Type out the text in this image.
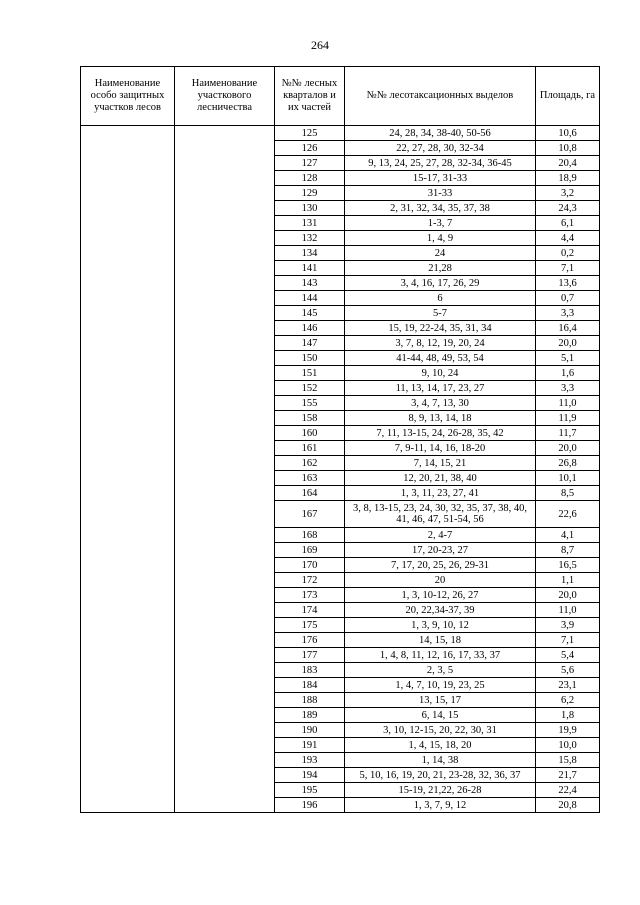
264
Наименование особо защитных участков лесов	Наименование участкового лесничества	№№ лесных кварталов и их частей	№№ лесотаксационных выделов	Площадь, га
		125	24, 28, 34, 38-40, 50-56	10,6
		126	22, 27, 28, 30, 32-34	10,8
		127	9, 13, 24, 25, 27, 28, 32-34, 36-45	20,4
		128	15-17, 31-33	18,9
		129	31-33	3,2
		130	2, 31, 32, 34, 35, 37, 38	24,3
		131	1-3, 7	6,1
		132	1, 4, 9	4,4
		134	24	0,2
		141	21,28	7,1
		143	3, 4, 16, 17, 26, 29	13,6
		144	6	0,7
		145	5-7	3,3
		146	15, 19, 22-24, 35, 31, 34	16,4
		147	3, 7, 8, 12, 19, 20, 24	20,0
		150	41-44, 48, 49, 53, 54	5,1
		151	9, 10, 24	1,6
		152	11, 13, 14, 17, 23, 27	3,3
		155	3, 4, 7, 13, 30	11,0
		158	8, 9, 13, 14, 18	11,9
		160	7, 11, 13-15, 24, 26-28, 35, 42	11,7
		161	7, 9-11, 14, 16, 18-20	20,0
		162	7, 14, 15, 21	26,8
		163	12, 20, 21, 38, 40	10,1
		164	1, 3, 11, 23, 27, 41	8,5
		167	3, 8, 13-15, 23, 24, 30, 32, 35, 37, 38, 40, 41, 46, 47, 51-54, 56	22,6
		168	2, 4-7	4,1
		169	17, 20-23, 27	8,7
		170	7, 17, 20, 25, 26, 29-31	16,5
		172	20	1,1
		173	1, 3, 10-12, 26, 27	20,0
		174	20, 22,34-37, 39	11,0
		175	1, 3, 9, 10, 12	3,9
		176	14, 15, 18	7,1
		177	1, 4, 8, 11, 12, 16, 17, 33, 37	5,4
		183	2, 3, 5	5,6
		184	1, 4, 7, 10, 19, 23, 25	23,1
		188	13, 15, 17	6,2
		189	6, 14, 15	1,8
		190	3, 10, 12-15, 20, 22, 30, 31	19,9
		191	1, 4, 15, 18, 20	10,0
		193	1, 14, 38	15,8
		194	5, 10, 16, 19, 20, 21, 23-28, 32, 36, 37	21,7
		195	15-19, 21,22, 26-28	22,4
		196	1, 3, 7, 9, 12	20,8
